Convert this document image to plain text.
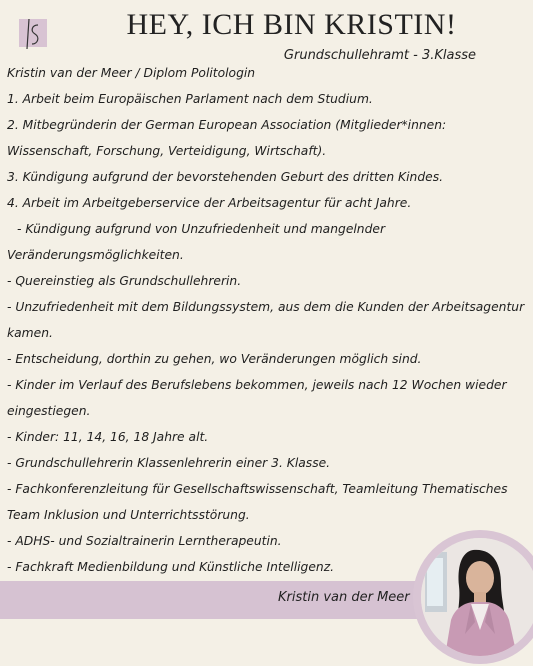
HEY, ICH BIN KRISTIN!
Grundschullehramt - 3.Klasse
Kristin van der Meer / Diplom Politologin
1. Arbeit beim Europäischen Parlament nach dem Studium.
2. Mitbegründerin der German European Association (Mitglieder*innen:
Wissenschaft, Forschung, Verteidigung, Wirtschaft).
3. Kündigung aufgrund der bevorstehenden Geburt des dritten Kindes.
4. Arbeit im Arbeitgeberservice der Arbeitsagentur für acht Jahre.
- Kündigung aufgrund von Unzufriedenheit und mangelnder
Veränderungsmöglichkeiten.
- Quereinstieg als Grundschullehrerin.
- Unzufriedenheit mit dem Bildungssystem, aus dem die Kunden der Arbeitsagentur
kamen.
- Entscheidung, dorthin zu gehen, wo Veränderungen möglich sind.
- Kinder im Verlauf des Berufslebens bekommen, jeweils nach 12 Wochen wieder
eingestiegen.
- Kinder: 11, 14, 16, 18 Jahre alt.
- Grundschullehrerin Klassenlehrerin einer 3. Klasse.
- Fachkonferenzleitung für Gesellschaftswissenschaft, Teamleitung Thematisches
Team Inklusion und Unterrichtsstörung.
- ADHS- und Sozialtrainerin Lerntherapeutin.
- Fachkraft Medienbildung und Künstliche Intelligenz.
Kristin van der Meer
